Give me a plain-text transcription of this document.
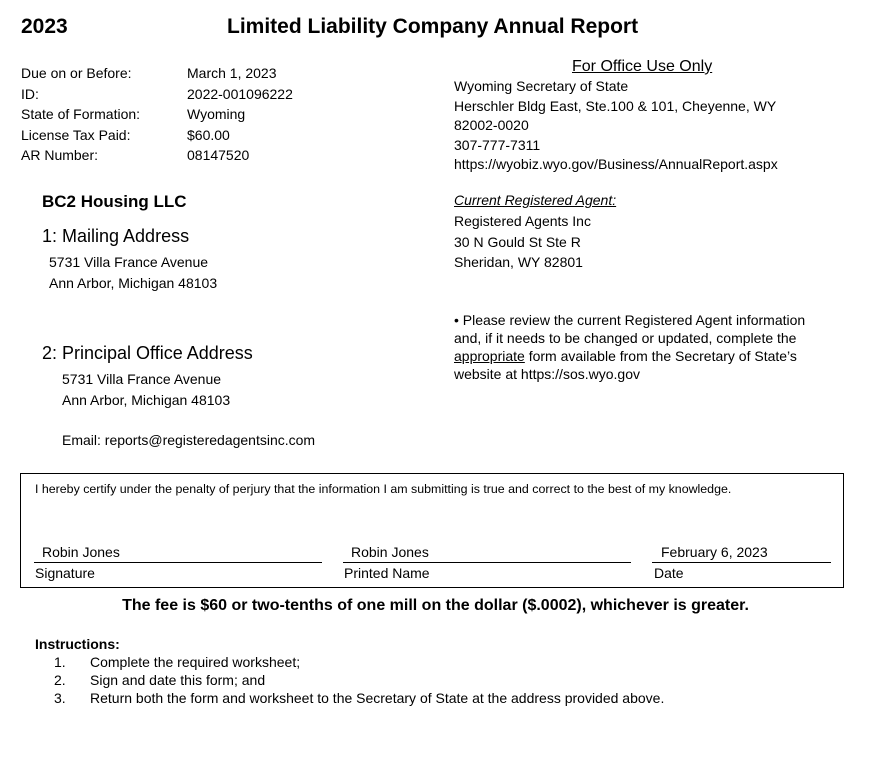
2023	Limited Liability Company Annual Report
Due on or Before:
ID:
State of Formation:
License Tax Paid:
AR Number:
March 1, 2023
2022-001096222
Wyoming
$60.00
08147520
For Office Use Only
Wyoming Secretary of State
Herschler Bldg East, Ste.100 & 101, Cheyenne, WY
82002-0020
307-777-7311
https://wyobiz.wyo.gov/Business/AnnualReport.aspx
BC2 Housing LLC
1: Mailing Address
5731 Villa France Avenue
Ann Arbor, Michigan 48103
2: Principal Office Address
5731 Villa France Avenue
Ann Arbor, Michigan 48103
Email: reports@registeredagentsinc.com
Current Registered Agent:
Registered Agents Inc
30 N Gould St Ste R
Sheridan, WY 82801
• Please review the current Registered Agent information and, if it needs to be changed or updated, complete the appropriate form available from the Secretary of State’s website at https://sos.wyo.gov
I hereby certify under the penalty of perjury that the information I am submitting is true and correct to the best of my knowledge.
Robin Jones
Signature
Robin Jones
Printed Name
February 6, 2023
Date
The fee is $60 or two-tenths of one mill on the dollar ($.0002), whichever is greater.
Instructions:
1. Complete the required worksheet;
2. Sign and date this form; and
3. Return both the form and worksheet to the Secretary of State at the address provided above.
